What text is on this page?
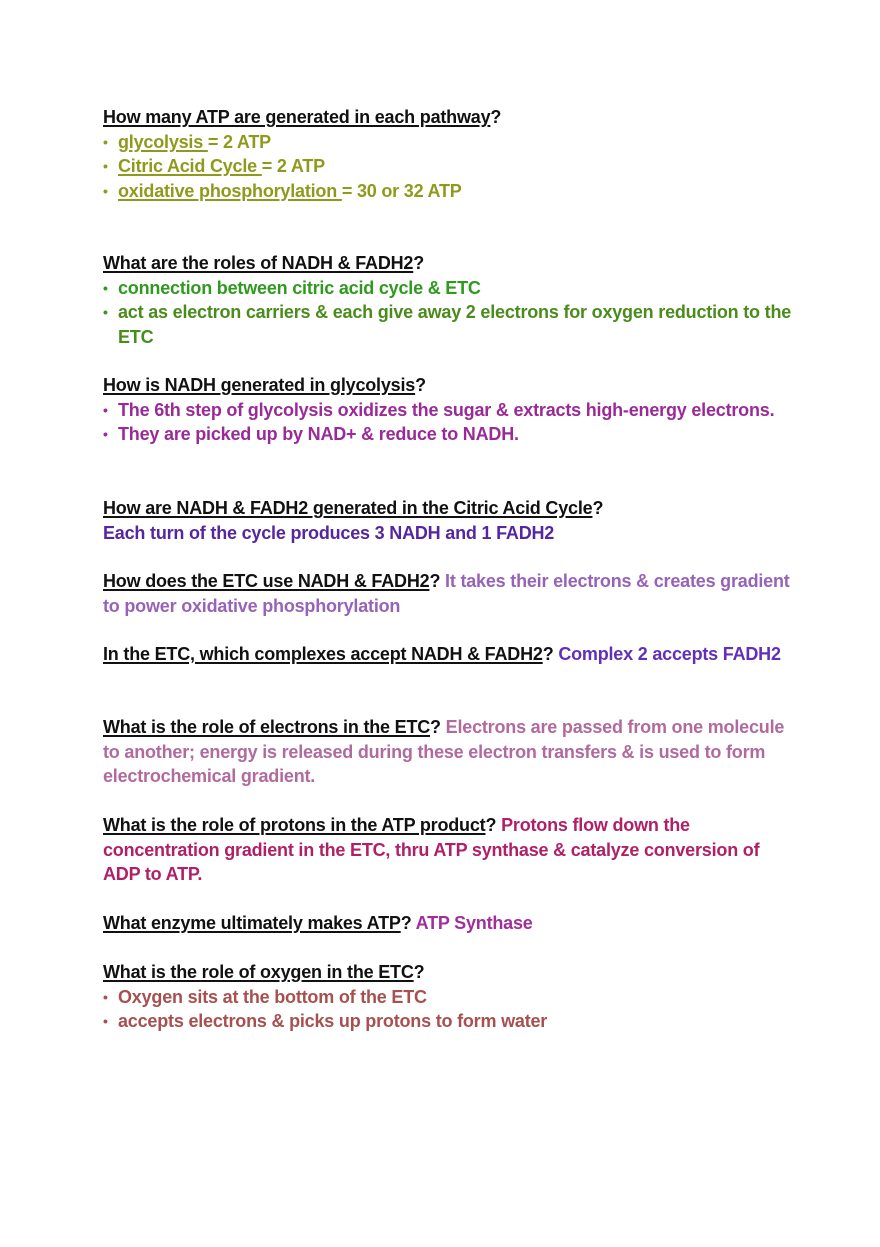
How many ATP are generated in each pathway?
• glycolysis = 2 ATP
• Citric Acid Cycle = 2 ATP
• oxidative phosphorylation = 30 or 32 ATP
What are the roles of NADH & FADH2?
• connection between citric acid cycle & ETC
• act as electron carriers & each give away 2 electrons for oxygen reduction to the ETC
How is NADH generated in glycolysis?
• The 6th step of glycolysis oxidizes the sugar & extracts high-energy electrons.
• They are picked up by NAD+ & reduce to NADH.
How are NADH & FADH2 generated in the Citric Acid Cycle?
Each turn of the cycle produces 3 NADH and 1 FADH2
How does the ETC use NADH & FADH2? It takes their electrons & creates gradient to power oxidative phosphorylation
In the ETC, which complexes accept NADH & FADH2? Complex 2 accepts FADH2
What is the role of electrons in the ETC? Electrons are passed from one molecule to another; energy is released during these electron transfers & is used to form electrochemical gradient.
What is the role of protons in the ATP product? Protons flow down the concentration gradient in the ETC, thru ATP synthase & catalyze conversion of ADP to ATP.
What enzyme ultimately makes ATP? ATP Synthase
What is the role of oxygen in the ETC?
• Oxygen sits at the bottom of the ETC
• accepts electrons & picks up protons to form water
